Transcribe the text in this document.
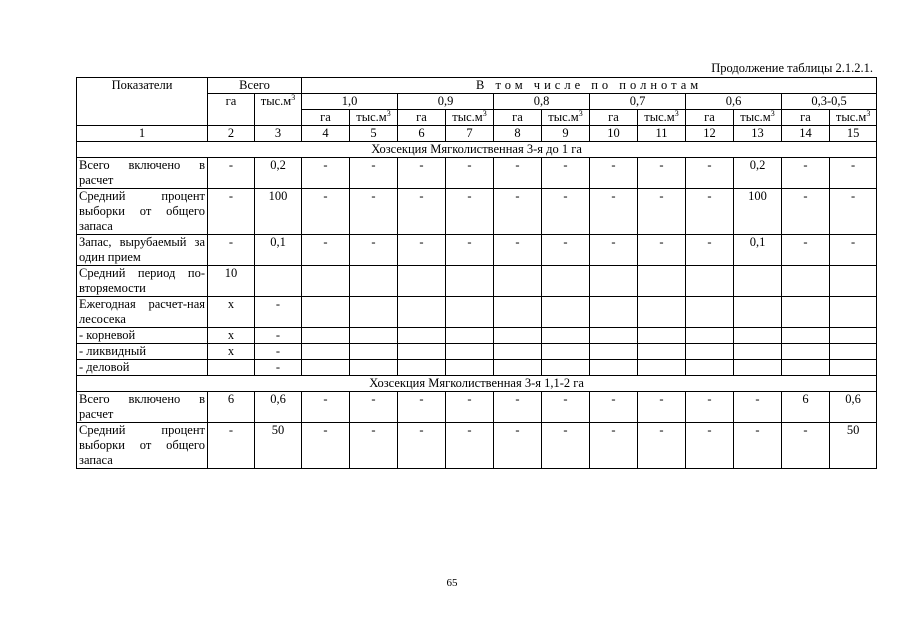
Продолжение таблицы 2.1.2.1.
Показатели	Всего		В том числе по полнотам											
	га	$тыс.м^3$	1,0		0,9		0,8		0,7		0,6		0,3-0,5	
			га	$тыс.м^3$	га	$тыс.м^3$	га	$тыс.м^3$	га	$тыс.м^3$	га	$тыс.м^3$	га	$тыс.м^3$
1	2	3	4	5	6	7	8	9	10	11	12	13	14	15
Хозсекция Мягколиственная 3-я до 1 га														
Всего включено в расчет	-	0,2	-	-	-	-	-	-	-	-	-	0,2	-	-
Средний процент выборки от общего запаса	-	100	-	-	-	-	-	-	-	-	-	100	-	-
Запас, вырубаемый за один прием	-	0,1	-	-	-	-	-	-	-	-	-	0,1	-	-
Средний период по-вторяемости	10													
Ежегодная расчет-ная лесосека	х	-												
- корневой	х	-												
- ликвидный	х	-												
- деловой		-												
Хозсекция Мягколиственная 3-я 1,1-2 га														
Всего включено в расчет	6	0,6	-	-	-	-	-	-	-	-	-	-	6	0,6
Средний процент выборки от общего запаса	-	50	-	-	-	-	-	-	-	-	-	-	-	50
65
